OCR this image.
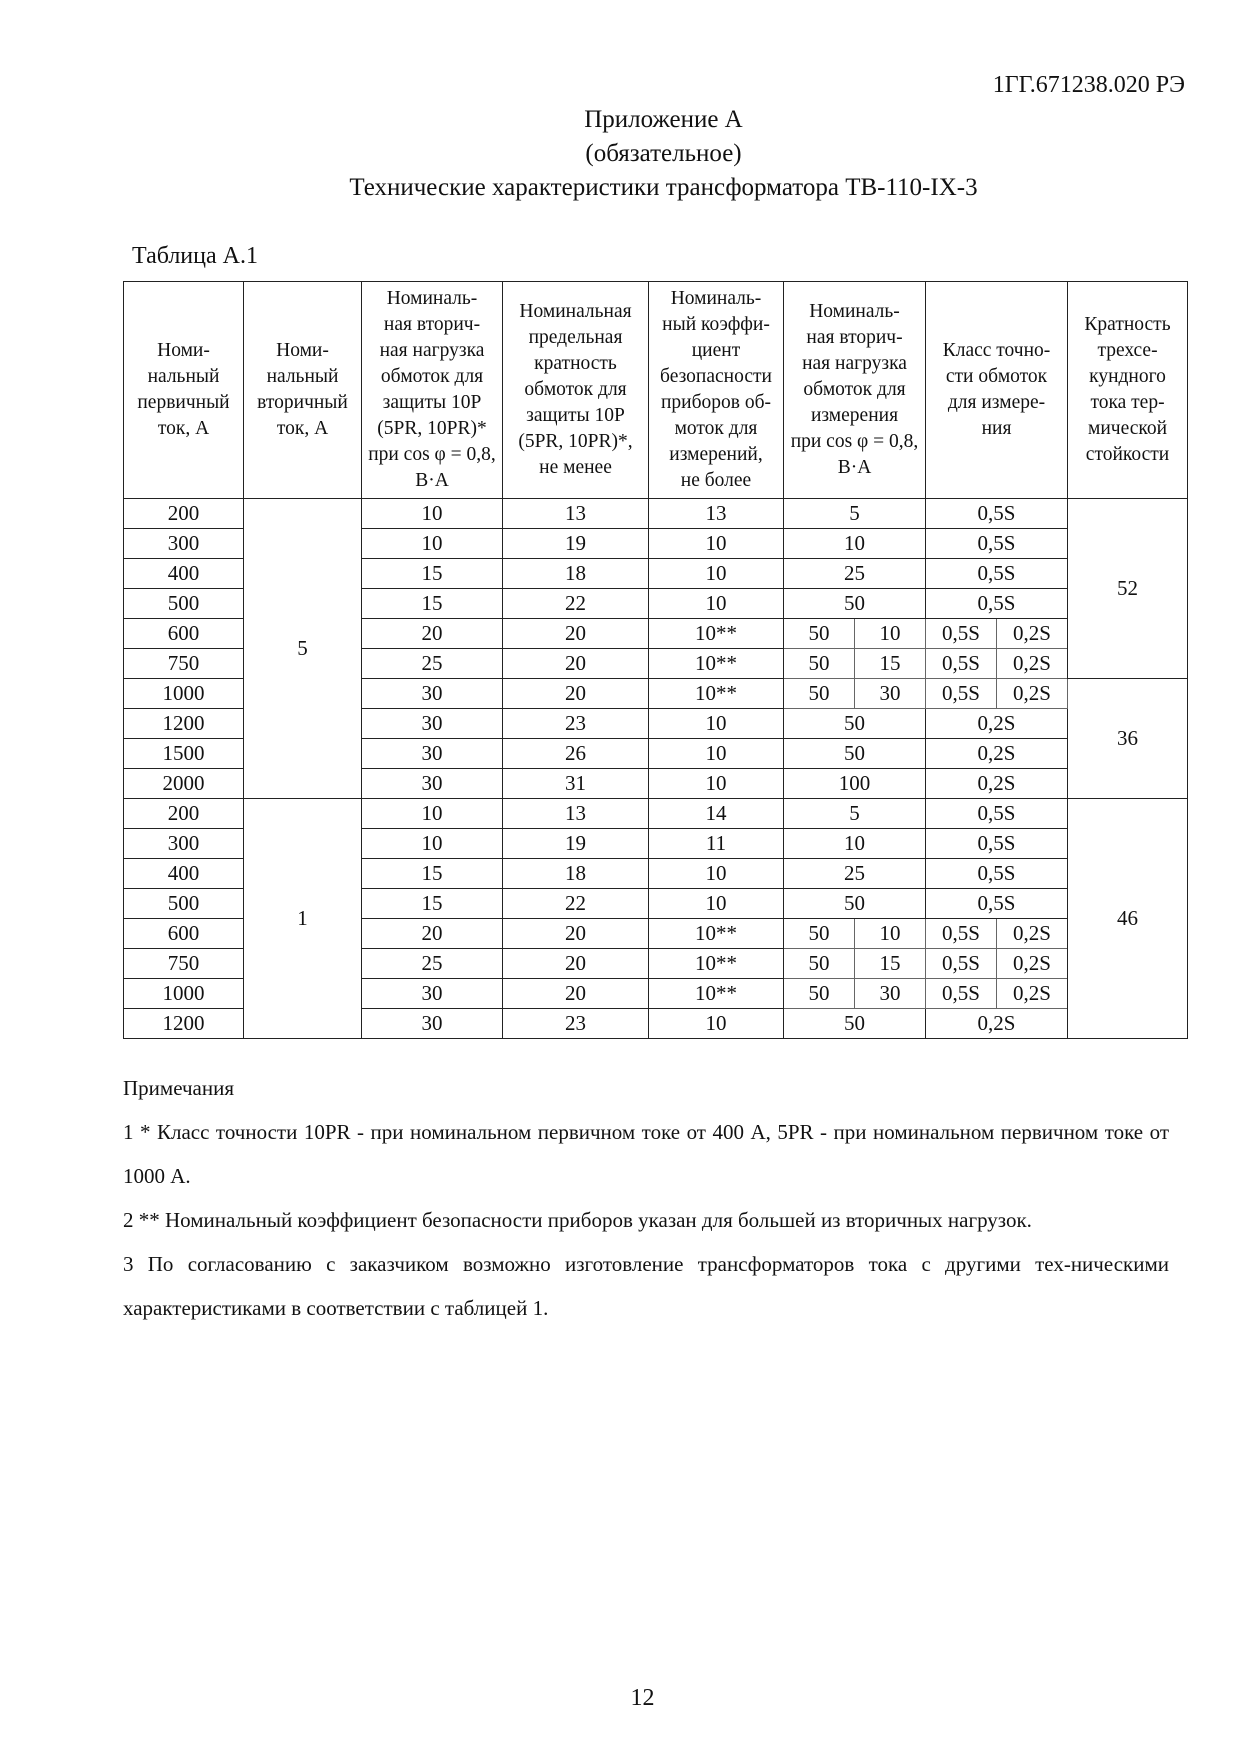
1ГГ.671238.020 РЭ
Приложение А
(обязательное)
Технические характеристики трансформатора ТВ-110-IX-3
Таблица А.1
Номи-
нальный
первичный
ток, А	Номи-
нальный
вторичный
ток, А	Номиналь-
ная вторич-
ная нагрузка
обмоток для
защиты 10P
(5PR, 10PR)*
при cos φ = 0,8,
В·А	Номинальная
предельная
кратность
обмоток для
защиты 10P
(5PR, 10PR)*,
не менее	Номиналь-
ный коэффи-
циент
безопасности
приборов об-
моток для
измерений,
не более	Номиналь-
ная вторич-
ная нагрузка
обмоток для
измерения
при cos φ = 0,8,
В·А	Класс точно-
сти обмоток
для измере-
ния	Кратность
трехсе-
кундного
тока тер-
мической
стойкости
200	5	10	13	13	5		0,5S		52
300		10	19	10	10		0,5S		
400		15	18	10	25		0,5S		
500		15	22	10	50		0,5S		
600		20	20	10**	50	10	0,5S	0,2S	
750		25	20	10**	50	15	0,5S	0,2S	
1000		30	20	10**	50	30	0,5S	0,2S	36
1200		30	23	10	50		0,2S		
1500		30	26	10	50		0,2S		
2000		30	31	10	100		0,2S		
200	1	10	13	14	5		0,5S		46
300		10	19	11	10		0,5S		
400		15	18	10	25		0,5S		
500		15	22	10	50		0,5S		
600		20	20	10**	50	10	0,5S	0,2S	
750		25	20	10**	50	15	0,5S	0,2S	
1000		30	20	10**	50	30	0,5S	0,2S	
1200		30	23	10	50		0,2S		

Примечания

1 * Класс точности 10PR - при номинальном первичном токе от 400 А, 5PR - при номинальном первичном токе от 1000 А.

2 ** Номинальный коэффициент безопасности приборов указан для большей из вторичных нагрузок.

3 По согласованию с заказчиком возможно изготовление трансформаторов тока с другими тех-ническими характеристиками в соответствии с таблицей 1.

12
